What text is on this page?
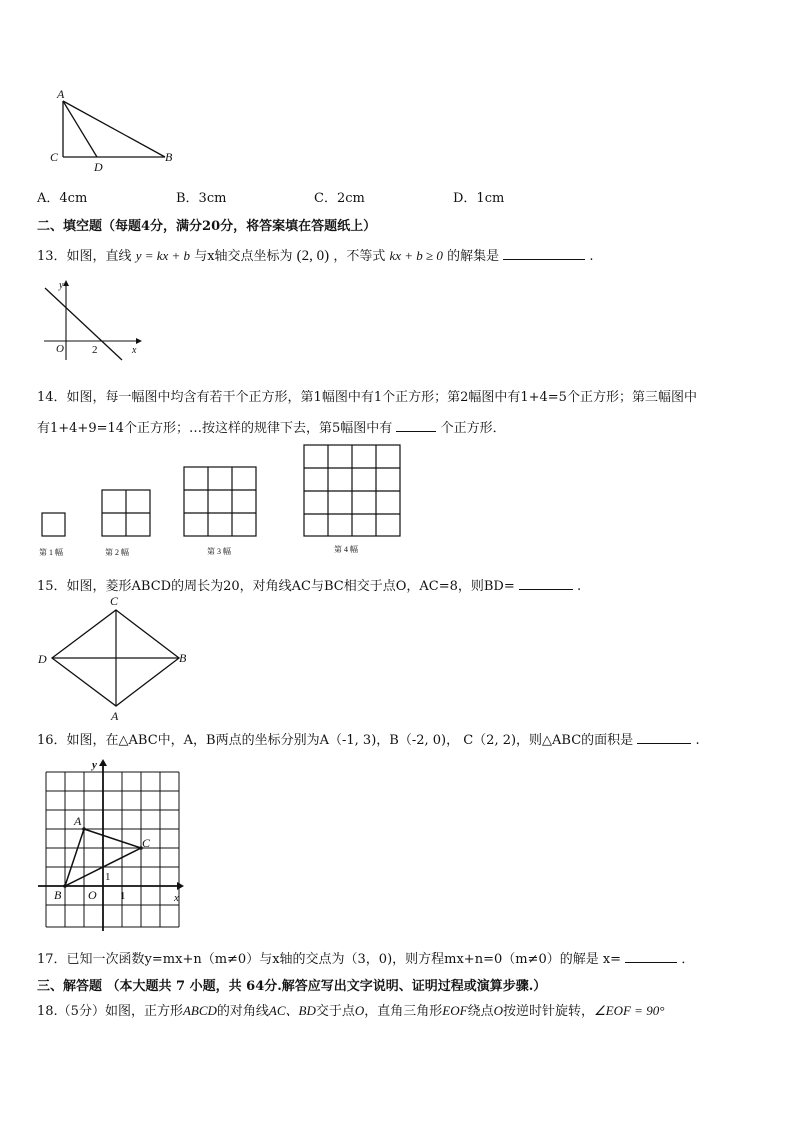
A
C
D
B
A．4cm	B．3cm	C．2cm	D．1cm
二、填空题（每题4分，满分20分，将答案填在答题纸上）
13．如图，直线 y = kx + b 与x轴交点坐标为 (2, 0) ，不等式 kx + b ≥ 0 的解集是	.
y
x
O	2
14．如图，每一幅图中均含有若干个正方形，第1幅图中有1个正方形；第2幅图中有1+4=5个正方形；第三幅图中
有1+4+9=14个正方形；…按这样的规律下去，第5幅图中有	个正方形．
第 1 幅	第 2 幅	第 3 幅	第 4 幅
15．如图，菱形ABCD的周长为20，对角线AC与BC相交于点O，AC=8，则BD=	.
C
B
D
A
16．如图，在△ABC中，A，B两点的坐标分别为A（-1, 3)，B（-2, 0)， C（2, 2)，则△ABC的面积是	.
y
x
A
B
C
O 1
1
17．已知一次函数y=mx+n（m≠0）与x轴的交点为（3，0)，则方程mx+n=0（m≠0）的解是 x=	．
三、解答题 （本大题共 7 小题，共 64分.解答应写出文字说明、证明过程或演算步骤.）
18.（5分）如图，正方形ABCD的对角线AC、BD交于点O，直角三角形EOF绕点O按逆时针旋转，∠EOF = 90°
